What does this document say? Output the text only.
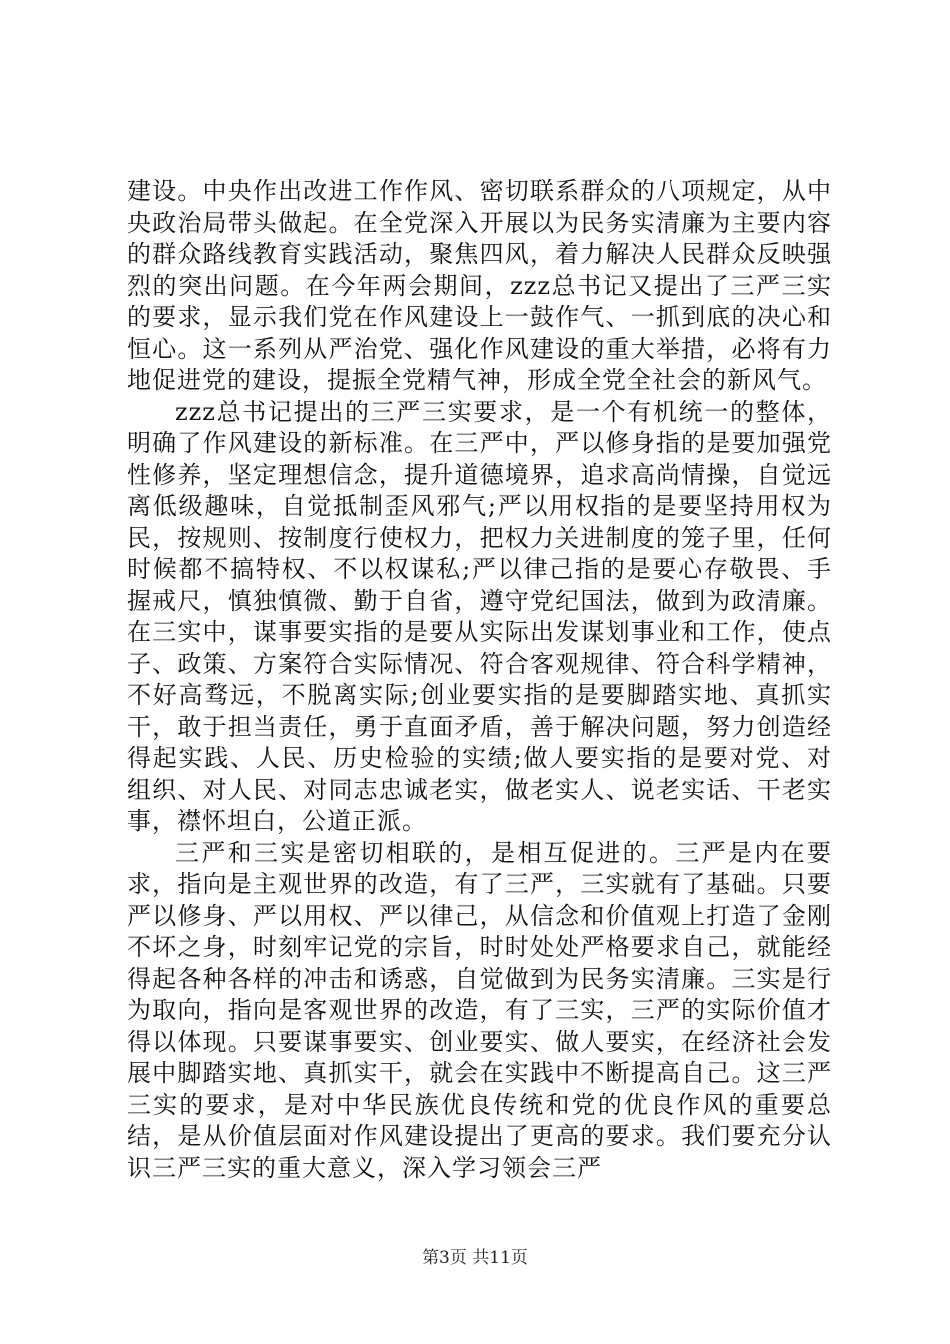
建设。中央作出改进工作作风、密切联系群众的八项规定，从中央政治局带头做起。在全党深入开展以为民务实清廉为主要内容的群众路线教育实践活动，聚焦四风，着力解决人民群众反映强烈的突出问题。在今年两会期间，zzz总书记又提出了三严三实的要求，显示我们党在作风建设上一鼓作气、一抓到底的决心和恒心。这一系列从严治党、强化作风建设的重大举措，必将有力地促进党的建设，提振全党精气神，形成全党全社会的新风气。

zzz总书记提出的三严三实要求，是一个有机统一的整体，明确了作风建设的新标准。在三严中，严以修身指的是要加强党性修养，坚定理想信念，提升道德境界，追求高尚情操，自觉远离低级趣味，自觉抵制歪风邪气;严以用权指的是要坚持用权为民，按规则、按制度行使权力，把权力关进制度的笼子里，任何时候都不搞特权、不以权谋私;严以律己指的是要心存敬畏、手握戒尺，慎独慎微、勤于自省，遵守党纪国法，做到为政清廉。在三实中，谋事要实指的是要从实际出发谋划事业和工作，使点子、政策、方案符合实际情况、符合客观规律、符合科学精神，不好高骛远，不脱离实际;创业要实指的是要脚踏实地、真抓实干，敢于担当责任，勇于直面矛盾，善于解决问题，努力创造经得起实践、人民、历史检验的实绩;做人要实指的是要对党、对组织、对人民、对同志忠诚老实，做老实人、说老实话、干老实事，襟怀坦白，公道正派。

三严和三实是密切相联的，是相互促进的。三严是内在要求，指向是主观世界的改造，有了三严，三实就有了基础。只要严以修身、严以用权、严以律己，从信念和价值观上打造了金刚不坏之身，时刻牢记党的宗旨，时时处处严格要求自己，就能经得起各种各样的冲击和诱惑，自觉做到为民务实清廉。三实是行为取向，指向是客观世界的改造，有了三实，三严的实际价值才得以体现。只要谋事要实、创业要实、做人要实，在经济社会发展中脚踏实地、真抓实干，就会在实践中不断提高自己。这三严三实的要求，是对中华民族优良传统和党的优良作风的重要总结，是从价值层面对作风建设提出了更高的要求。我们要充分认识三严三实的重大意义，深入学习领会三严

第3页 共11页
